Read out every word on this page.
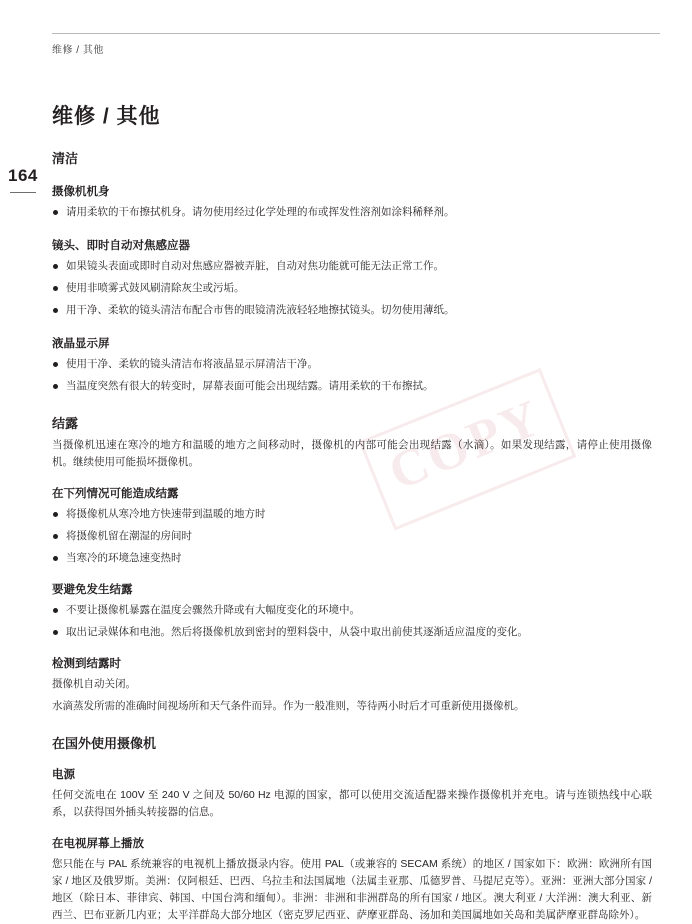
维修 / 其他
164
COPY
维修 / 其他
清洁
摄像机机身
请用柔软的干布擦拭机身。请勿使用经过化学处理的布或挥发性溶剂如涂料稀释剂。
镜头、即时自动对焦感应器
如果镜头表面或即时自动对焦感应器被弄脏，自动对焦功能就可能无法正常工作。
使用非喷雾式鼓风刷清除灰尘或污垢。
用干净、柔软的镜头清洁布配合市售的眼镜清洗液轻轻地擦拭镜头。切勿使用薄纸。
液晶显示屏
使用干净、柔软的镜头清洁布将液晶显示屏清洁干净。
当温度突然有很大的转变时，屏幕表面可能会出现结露。请用柔软的干布擦拭。
结露

当摄像机迅速在寒冷的地方和温暖的地方之间移动时，摄像机的内部可能会出现结露（水滴）。如果发现结露，请停止使用摄像机。继续使用可能损坏摄像机。

在下列情况可能造成结露
将摄像机从寒冷地方快速带到温暖的地方时
将摄像机留在潮湿的房间时
当寒冷的环境急速变热时
要避免发生结露
不要让摄像机暴露在温度会骤然升降或有大幅度变化的环境中。
取出记录媒体和电池。然后将摄像机放到密封的塑料袋中，从袋中取出前使其逐渐适应温度的变化。
检测到结露时

摄像机自动关闭。

水滴蒸发所需的准确时间视场所和天气条件而异。作为一般准则，等待两小时后才可重新使用摄像机。

在国外使用摄像机
电源

任何交流电在 100V 至 240 V 之间及 50/60 Hz 电源的国家，都可以使用交流适配器来操作摄像机并充电。请与连锁热线中心联系，以获得国外插头转接器的信息。

在电视屏幕上播放

您只能在与 PAL 系统兼容的电视机上播放摄录内容。使用 PAL（或兼容的 SECAM 系统）的地区 / 国家如下：欧洲：欧洲所有国家 / 地区及俄罗斯。美洲：仅阿根廷、巴西、乌拉圭和法国属地（法属圭亚那、瓜德罗普、马提尼克等）。亚洲：亚洲大部分国家 / 地区（除日本、菲律宾、韩国、中国台湾和缅甸）。非洲：非洲和非洲群岛的所有国家 / 地区。澳大利亚 / 大洋洲：澳大利亚、新西兰、巴布亚新几内亚；太平洋群岛大部分地区（密克罗尼西亚、萨摩亚群岛、汤加和美国属地如关岛和美属萨摩亚群岛除外）。
